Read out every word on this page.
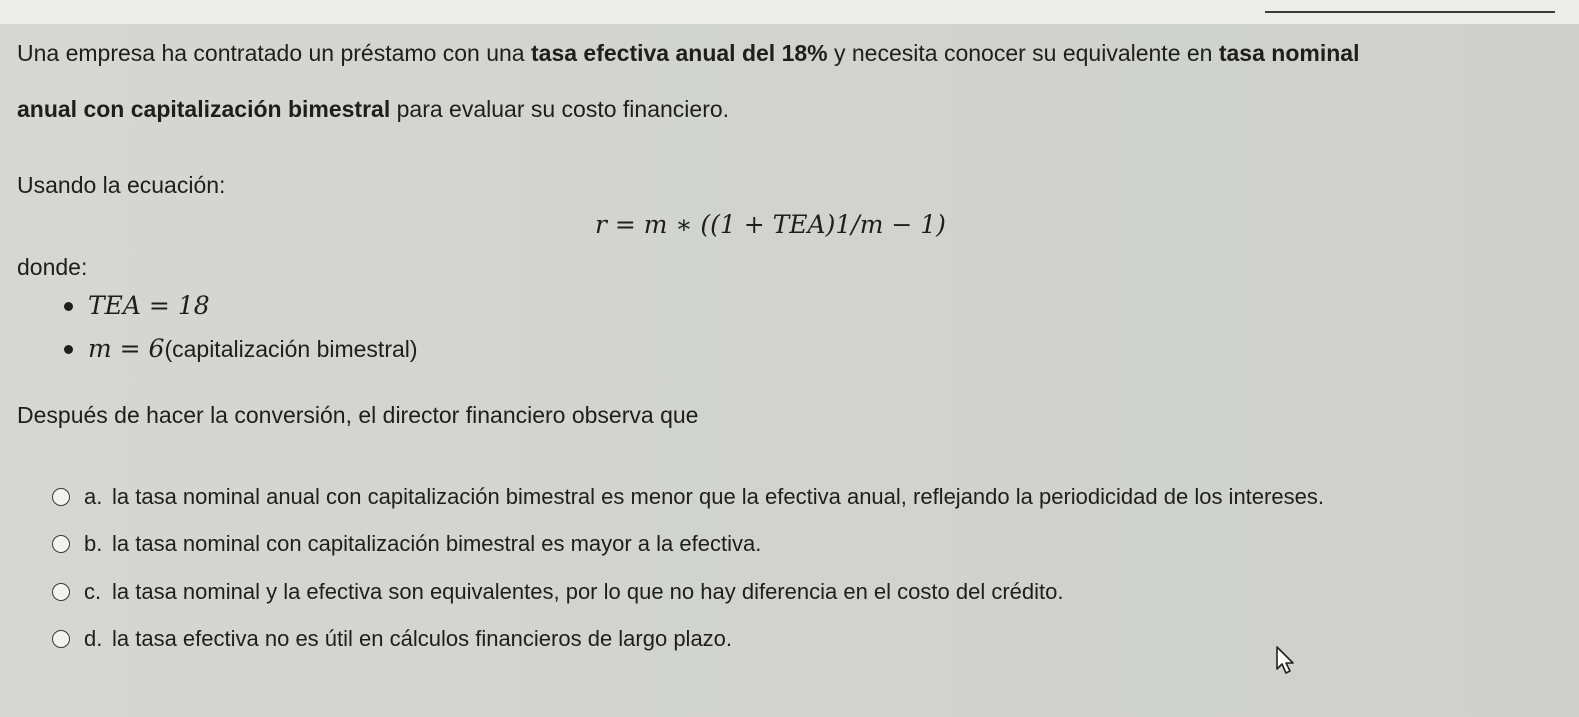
Una empresa ha contratado un préstamo con una tasa efectiva anual del 18% y necesita conocer su equivalente en tasa nominal
anual con capitalización bimestral para evaluar su costo financiero.
Usando la ecuación:
r = m ∗ ((1 + TEA)1/m − 1)
donde:
TEA = 18
m = 6(capitalización bimestral)
Después de hacer la conversión, el director financiero observa que
a. la tasa nominal anual con capitalización bimestral es menor que la efectiva anual, reflejando la periodicidad de los intereses.
b. la tasa nominal con capitalización bimestral es mayor a la efectiva.
c. la tasa nominal y la efectiva son equivalentes, por lo que no hay diferencia en el costo del crédito.
d. la tasa efectiva no es útil en cálculos financieros de largo plazo.
